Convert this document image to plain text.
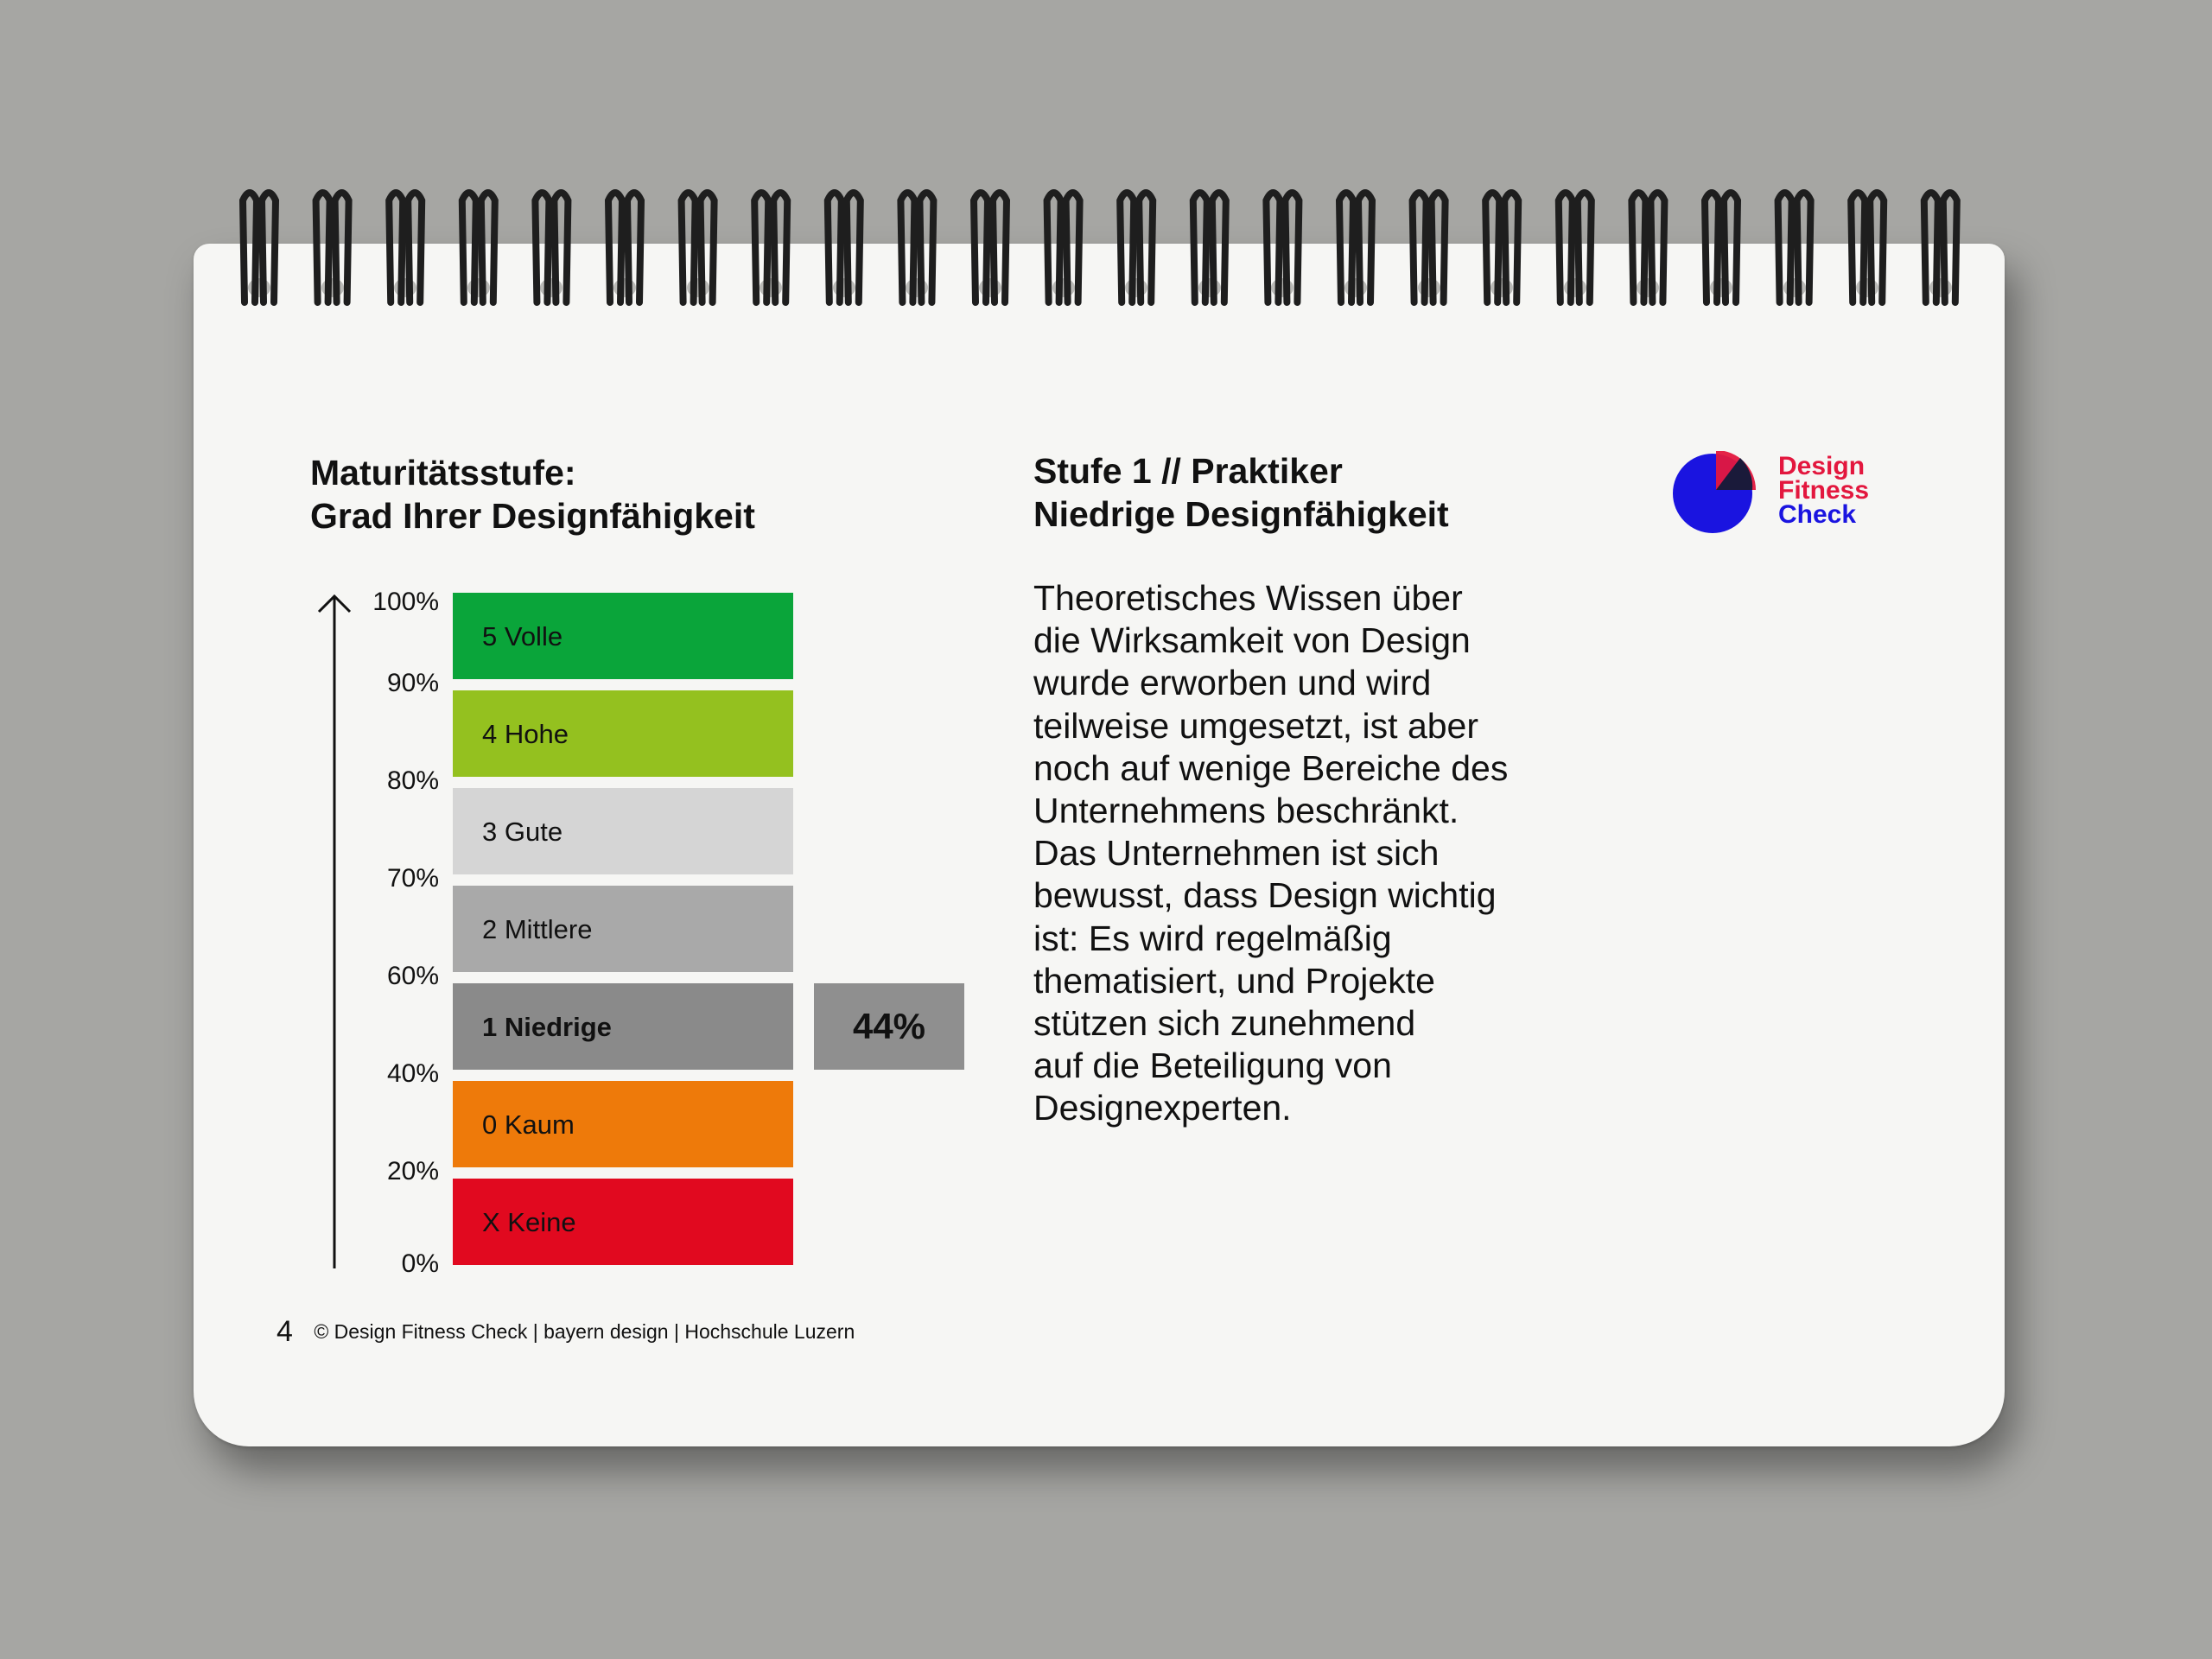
Maturitätsstufe:
Grad Ihrer Designfähigkeit
Stufe 1 // Praktiker
Niedrige Designfähigkeit
Theoretisches Wissen über
die Wirksamkeit von Design
wurde erworben und wird
teilweise umgesetzt, ist aber
noch auf wenige Bereiche des
Unternehmens beschränkt.
Das Unternehmen ist sich
bewusst, dass Design wichtig
ist: Es wird regelmäßig
thematisiert, und Projekte
stützen sich zunehmend
auf die Beteiligung von
Designexperten.
Design
Fitness
Check
5 Volle
4 Hohe
3 Gute
2 Mittlere
1 Niedrige	44%
0 Kaum
X Keine
100%
90%
80%
70%
60%
40%
20%
0%
4 © Design Fitness Check | bayern design | Hochschule Luzern
